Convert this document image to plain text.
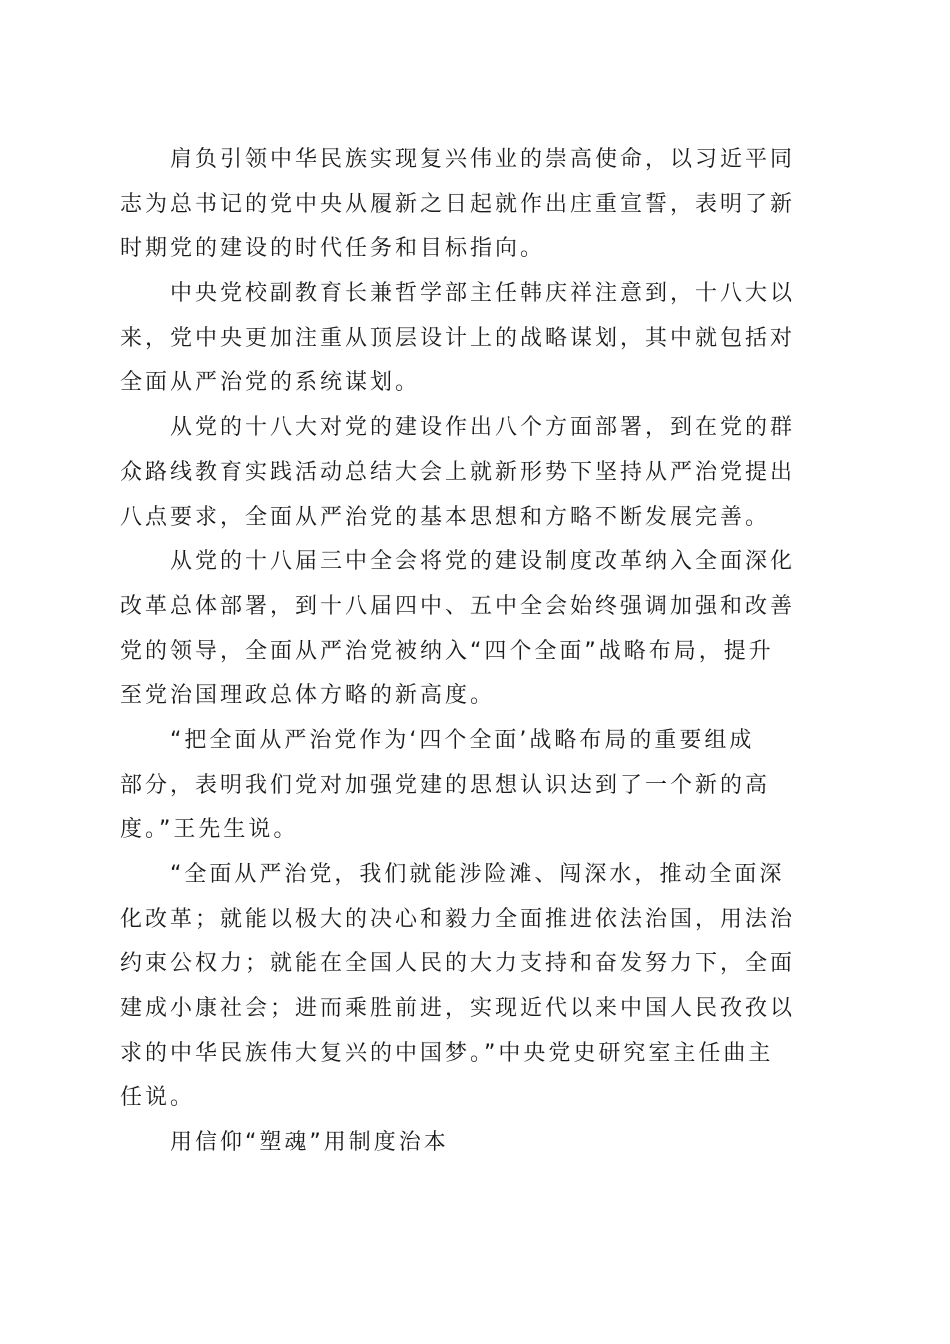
肩负引领中华民族实现复兴伟业的崇高使命，以习近平同
志为总书记的党中央从履新之日起就作出庄重宣誓，表明了新
时期党的建设的时代任务和目标指向。
中央党校副教育长兼哲学部主任韩庆祥注意到，十八大以
来，党中央更加注重从顶层设计上的战略谋划，其中就包括对
全面从严治党的系统谋划。
从党的十八大对党的建设作出八个方面部署，到在党的群
众路线教育实践活动总结大会上就新形势下坚持从严治党提出
八点要求，全面从严治党的基本思想和方略不断发展完善。
从党的十八届三中全会将党的建设制度改革纳入全面深化
改革总体部署，到十八届四中、五中全会始终强调加强和改善
党的领导，全面从严治党被纳入“四个全面”战略布局，提升
至党治国理政总体方略的新高度。
“把全面从严治党作为‘四个全面’战略布局的重要组成
部分，表明我们党对加强党建的思想认识达到了一个新的高
度。”王先生说。
“全面从严治党，我们就能涉险滩、闯深水，推动全面深
化改革；就能以极大的决心和毅力全面推进依法治国，用法治
约束公权力；就能在全国人民的大力支持和奋发努力下，全面
建成小康社会；进而乘胜前进，实现近代以来中国人民孜孜以
求的中华民族伟大复兴的中国梦。”中央党史研究室主任曲主
任说。
用信仰“塑魂”用制度治本
